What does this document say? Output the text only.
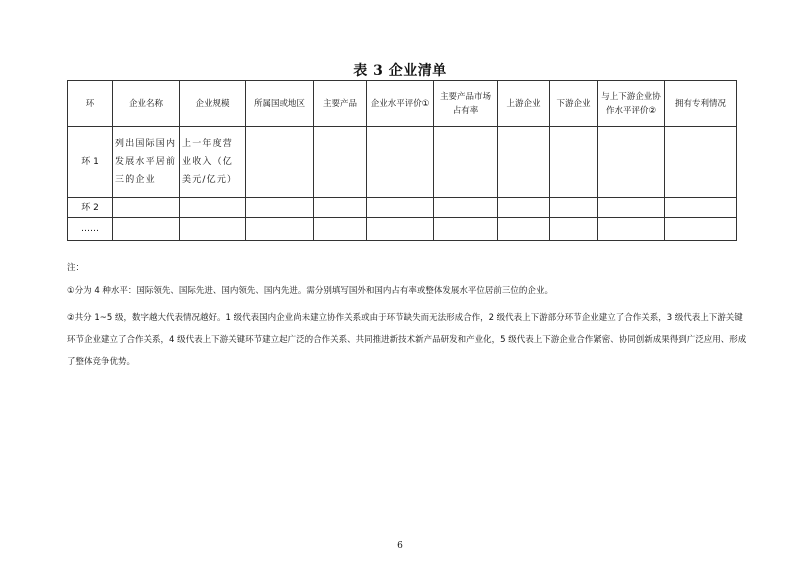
表 3 企业清单
环	企业名称	企业规模	所属国或地区	主要产品	企业水平评价①	主要产品市场占有率	上游企业	下游企业	与上下游企业协作水平评价②	拥有专利情况
环 1	列出国际国内发展水平居前三的企业	上一年度营业收入（亿美元/亿元）								
环 2										
……										

注：

①分为 4 种水平：国际领先、国际先进、国内领先、国内先进。需分别填写国外和国内占有率或整体发展水平位居前三位的企业。

②共分 1~5 级，数字越大代表情况越好。1 级代表国内企业尚未建立协作关系或由于环节缺失而无法形成合作，2 级代表上下游部分环节企业建立了合作关系，3 级代表上下游关键环节企业建立了合作关系，4 级代表上下游关键环节建立起广泛的合作关系、共同推进新技术新产品研发和产业化，5 级代表上下游企业合作紧密、协同创新成果得到广泛应用、形成了整体竞争优势。

6
